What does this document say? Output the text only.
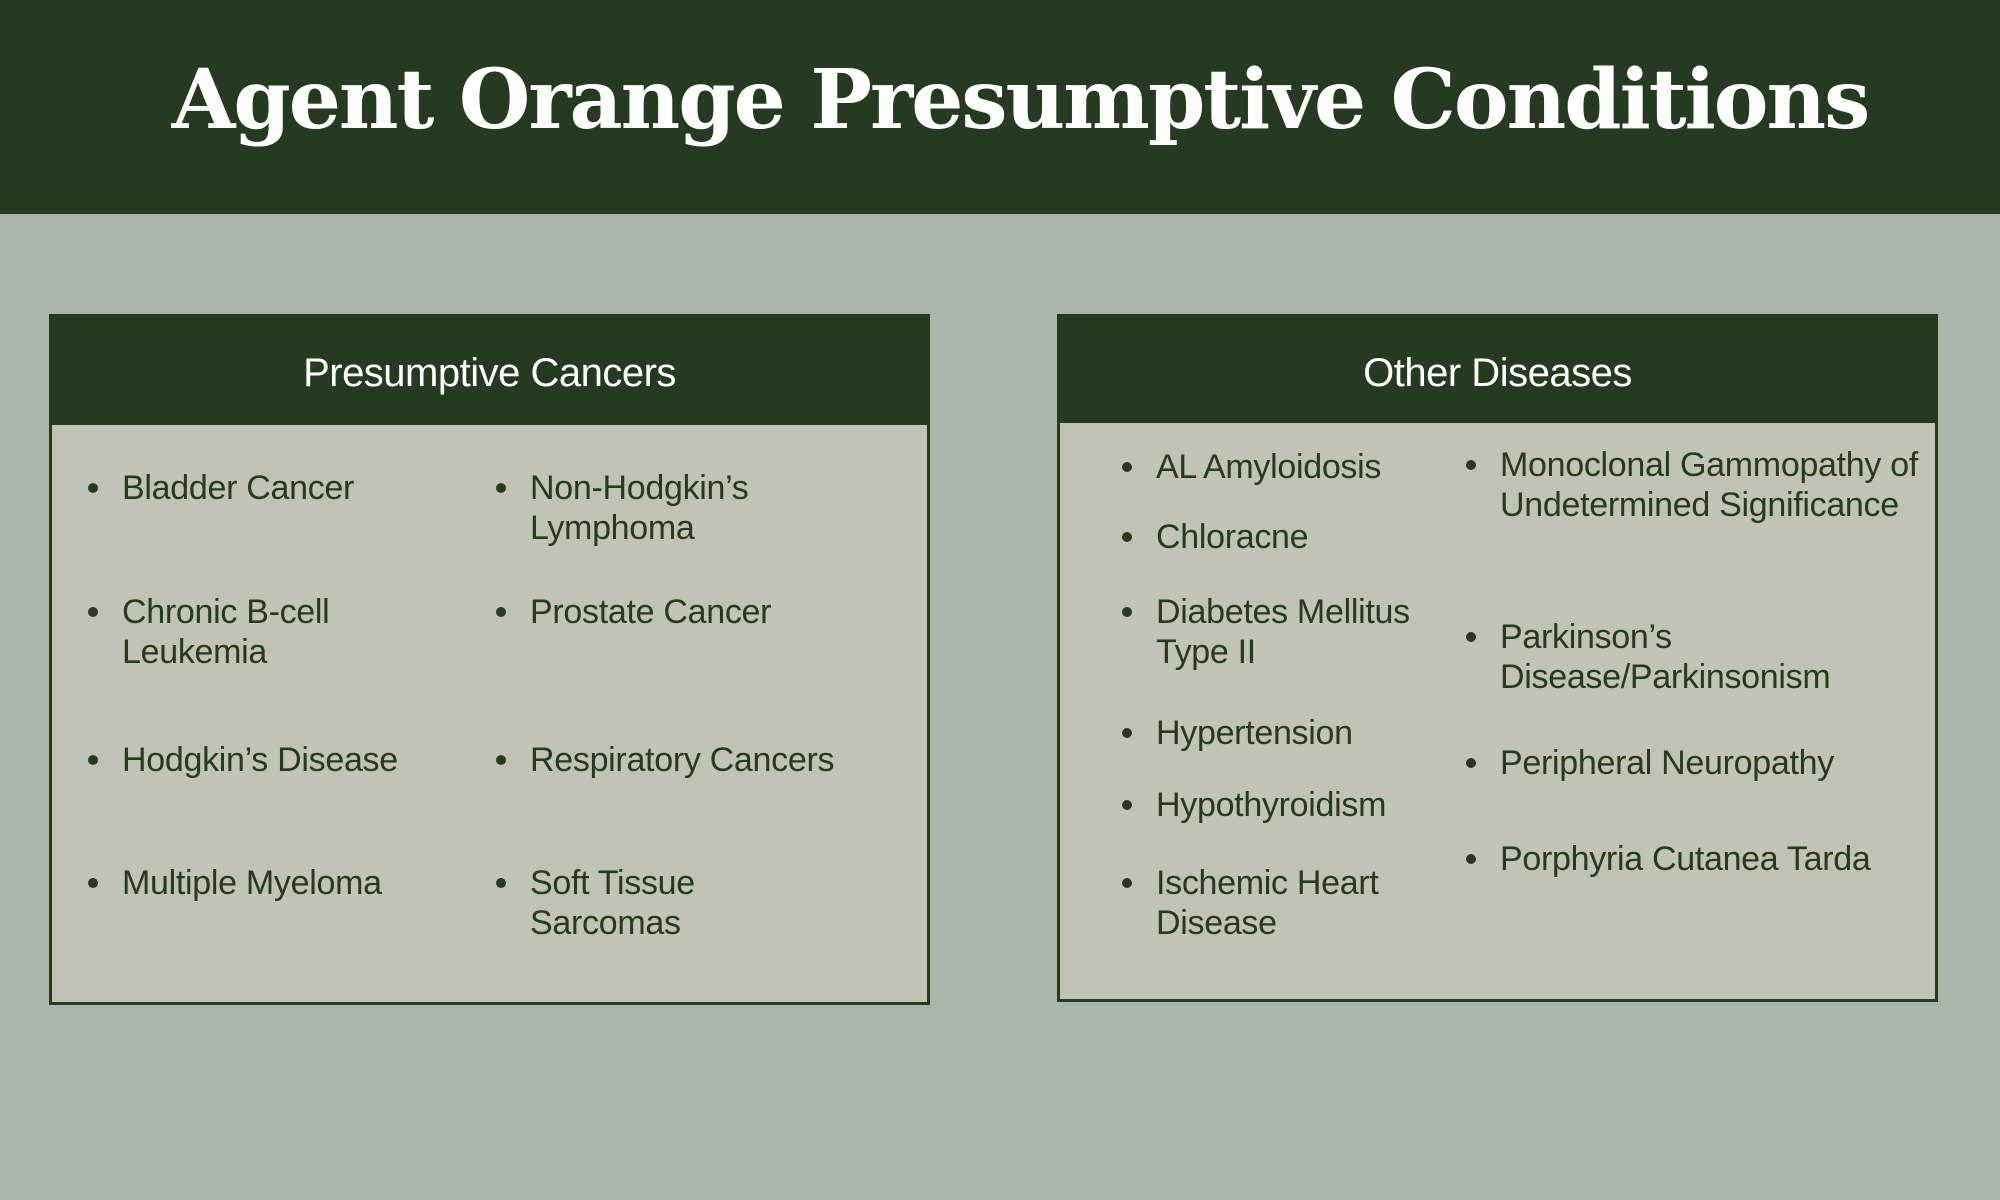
Agent Orange Presumptive Conditions
Presumptive Cancers
Bladder Cancer
Chronic B-cell Leukemia
Hodgkin’s Disease
Multiple Myeloma
Non-Hodgkin’s Lymphoma
Prostate Cancer
Respiratory Cancers
Soft Tissue Sarcomas
Other Diseases
AL Amyloidosis
Chloracne
Diabetes Mellitus Type II
Hypertension
Hypothyroidism
Ischemic Heart Disease
Monoclonal Gammopathy of Undetermined Significance
Parkinson’s Disease/Parkinsonism
Peripheral Neuropathy
Porphyria Cutanea Tarda
